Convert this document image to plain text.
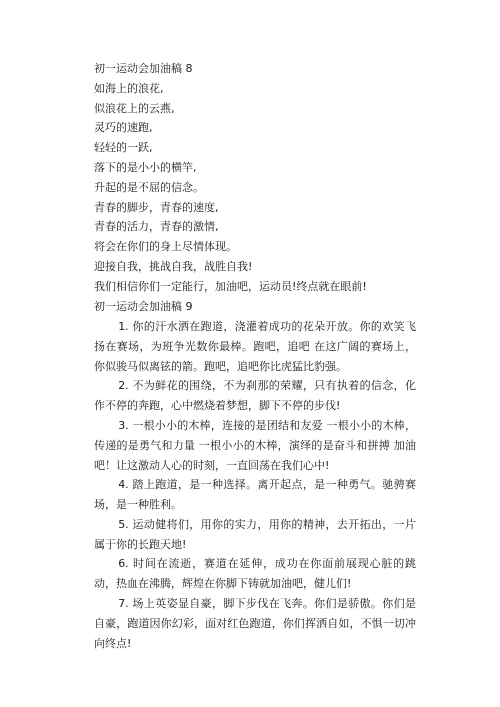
初一运动会加油稿 8
如海上的浪花,
似浪花上的云燕,
灵巧的速跑,
轻轻的一跃,
落下的是小小的横竿,
升起的是不屈的信念。
青春的脚步，青春的速度,
青春的活力，青春的激情,
将会在你们的身上尽情体现。
迎接自我，挑战自我，战胜自我!
我们相信你们一定能行，加油吧，运动员!终点就在眼前!
初一运动会加油稿 9

1. 你的汗水洒在跑道，浇灌着成功的花朵开放。你的欢笑飞扬在赛场，为班争光数你最棒。跑吧，追吧 在这广阔的赛场上，你似骏马似离铉的箭。跑吧，追吧你比虎猛比豹强。

2. 不为鲜花的围绕，不为刹那的荣耀，只有执着的信念，化作不停的奔跑，心中燃烧着梦想，脚下不停的步伐!

3. 一根小小的木棒，连接的是团结和友爱 一根小小的木棒，传递的是勇气和力量 一根小小的木棒，演绎的是奋斗和拼搏 加油吧！让这激动人心的时刻，一直回荡在我们心中!

4. 踏上跑道，是一种选择。离开起点，是一种勇气。驰骋赛场，是一种胜利。

5. 运动健将们，用你的实力，用你的精神，去开拓出，一片属于你的长跑天地!

6. 时间在流逝，赛道在延伸，成功在你面前展现心脏的跳动，热血在沸腾，辉煌在你脚下铸就加油吧，健儿们!

7. 场上英姿显自豪，脚下步伐在飞奔。你们是骄傲。你们是自豪，跑道因你幻彩，面对红色跑道，你们挥洒自如，不惧一切冲向终点!
